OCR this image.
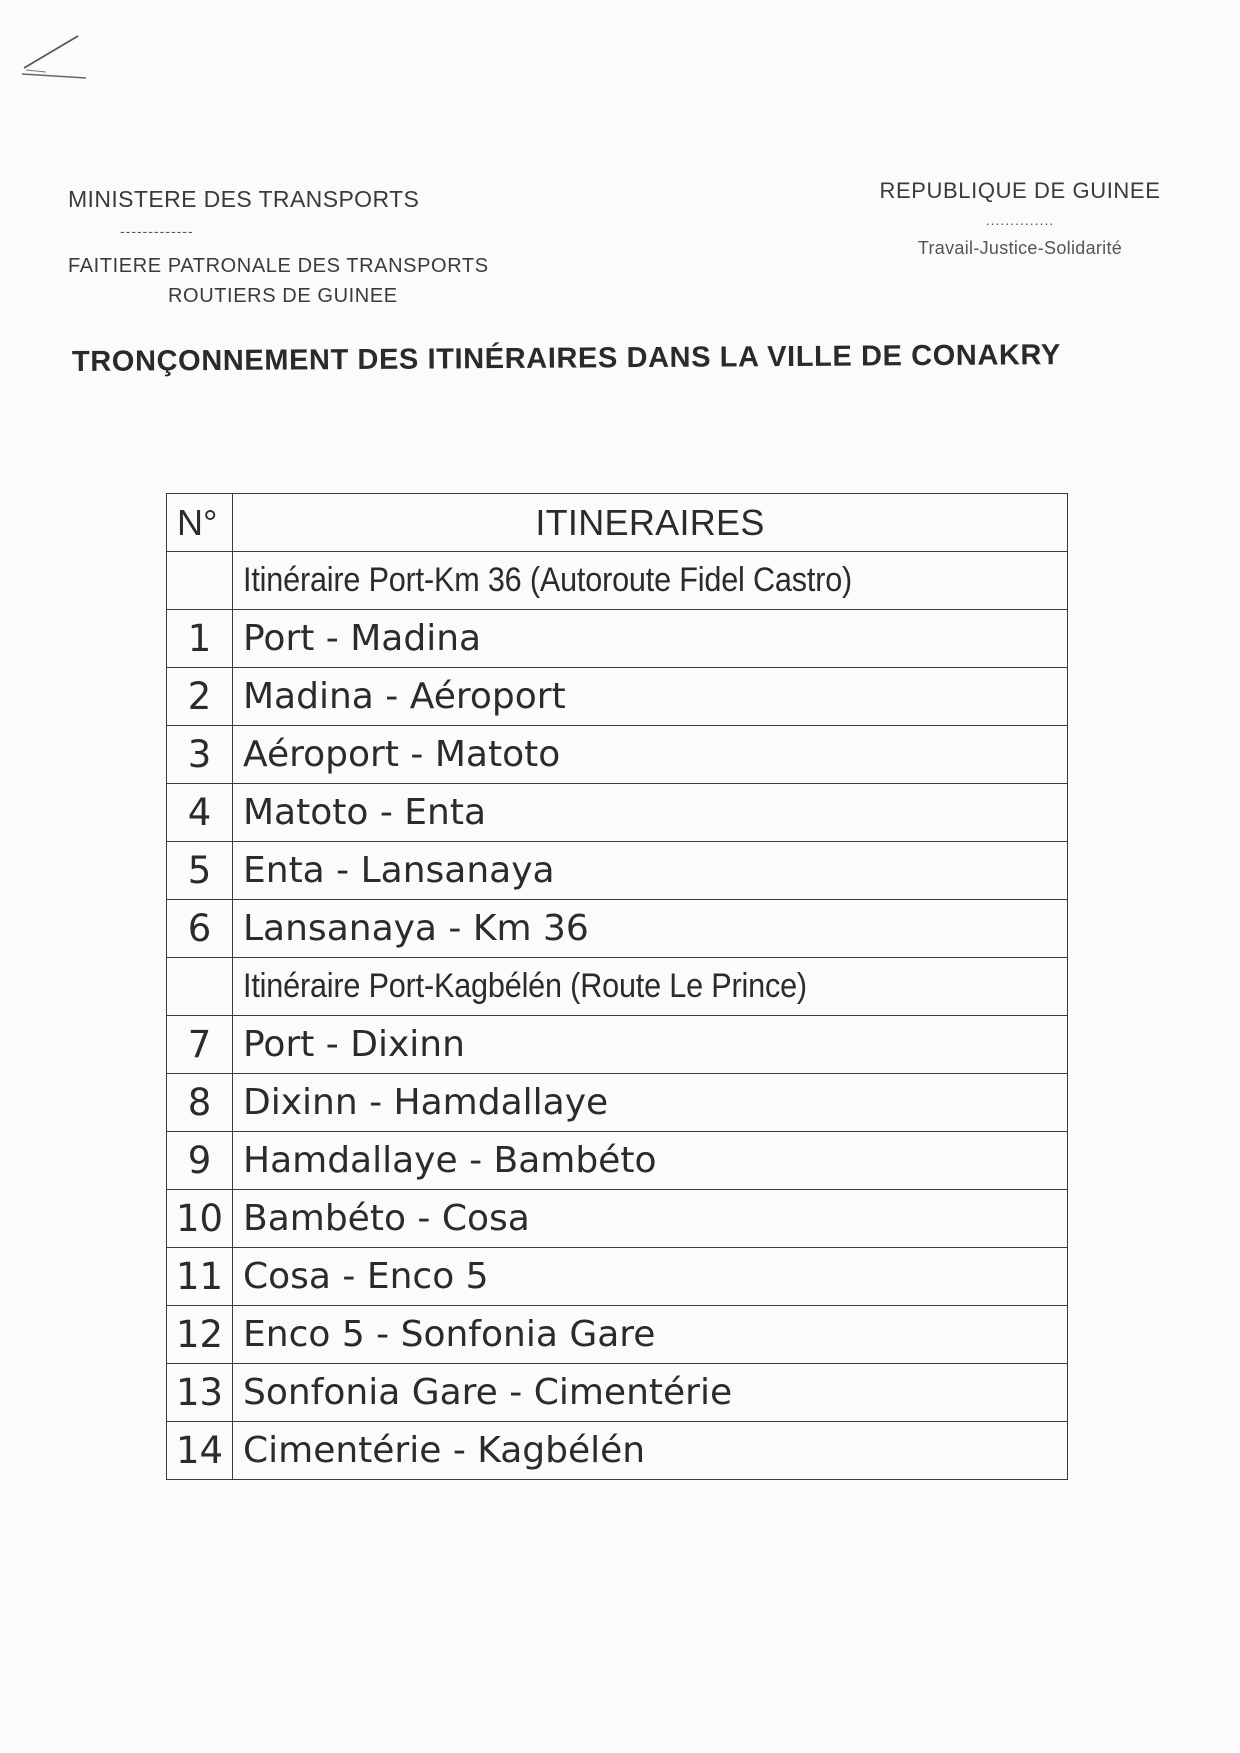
MINISTERE DES TRANSPORTS
-------------
FAITIERE PATRONALE DES TRANSPORTS
ROUTIERS DE GUINEE
REPUBLIQUE DE GUINEE
..............
Travail-Justice-Solidarité
TRONÇONNEMENT DES ITINÉRAIRES DANS LA VILLE DE CONAKRY
N°	ITINERAIRES
	Itinéraire Port-Km 36 (Autoroute Fidel Castro)
1	Port - Madina
2	Madina - Aéroport
3	Aéroport - Matoto
4	Matoto - Enta
5	Enta - Lansanaya
6	Lansanaya - Km 36
	Itinéraire Port-Kagbélén (Route Le Prince)
7	Port - Dixinn
8	Dixinn - Hamdallaye
9	Hamdallaye - Bambéto
10	Bambéto - Cosa
11	Cosa - Enco 5
12	Enco 5 - Sonfonia Gare
13	Sonfonia Gare - Cimentérie
14	Cimentérie - Kagbélén
